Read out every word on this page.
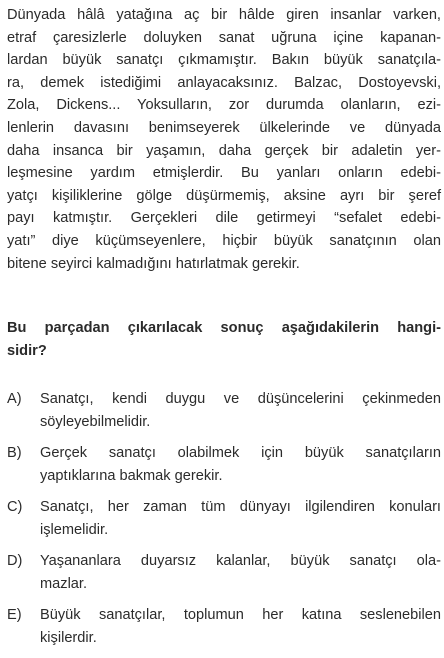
Dünyada hâlâ yatağına aç bir hâlde giren insanlar varken,
etraf çaresizlerle doluyken sanat uğruna içine kapanan-
lardan büyük sanatçı çıkmamıştır. Bakın büyük sanatçıla-
ra, demek istediğimi anlayacaksınız. Balzac, Dostoyevski,
Zola, Dickens... Yoksulların, zor durumda olanların, ezi-
lenlerin davasını benimseyerek ülkelerinde ve dünyada
daha insanca bir yaşamın, daha gerçek bir adaletin yer-
leşmesine yardım etmişlerdir. Bu yanları onların edebi-
yatçı kişiliklerine gölge düşürmemiş, aksine ayrı bir şeref
payı katmıştır. Gerçekleri dile getirmeyi “sefalet edebi-
yatı” diye küçümseyenlere, hiçbir büyük sanatçının olan
bitene seyirci kalmadığını hatırlatmak gerekir.
Bu parçadan çıkarılacak sonuç aşağıdakilerin hangi-
sidir?
A)	Sanatçı, kendi duygu ve düşüncelerini çekinmeden
söyleyebilmelidir.
B)	Gerçek sanatçı olabilmek için büyük sanatçıların
yaptıklarına bakmak gerekir.
C)	Sanatçı, her zaman tüm dünyayı ilgilendiren konuları
işlemelidir.
D)	Yaşananlara duyarsız kalanlar, büyük sanatçı ola-
mazlar.
E)	Büyük sanatçılar, toplumun her katına seslenebilen
kişilerdir.
